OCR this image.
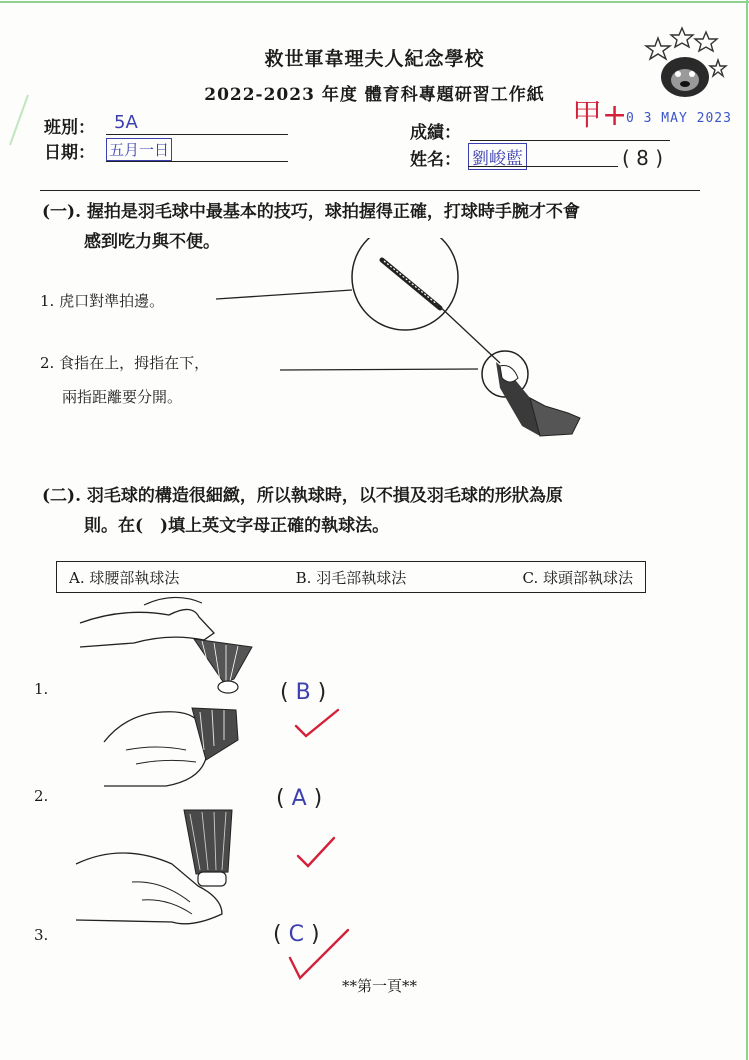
救世軍韋理夫人紀念學校
2022-2023 年度 體育科專題研習工作紙
班別： 5A
日期： 五月一日
成績：	甲+
0 3 MAY 2023
姓名： 劉峻藍	( 8 )
(一). 握拍是羽毛球中最基本的技巧，球拍握得正確，打球時手腕才不會
感到吃力與不便。
1. 虎口對準拍邊。
2. 食指在上，拇指在下，
兩指距離要分開。
(二). 羽毛球的構造很細緻，所以執球時，以不損及羽毛球的形狀為原
則。在(　)填上英文字母正確的執球法。
A. 球腰部執球法	B. 羽毛部執球法	C. 球頭部執球法
1.
2.
3.
( B )
( A )
( C )
**第一頁**
